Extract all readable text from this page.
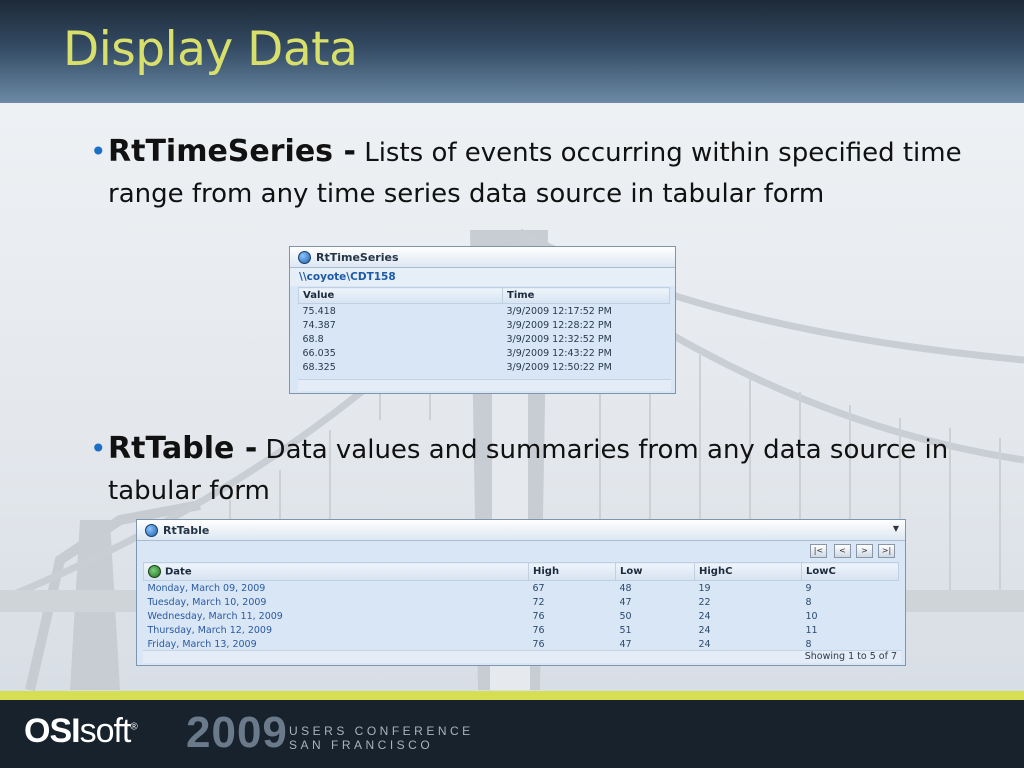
Display Data
• RtTimeSeries - Lists of events occurring within specified time range from any time series data source in tabular form
RtTimeSeries
\\coyote\CDT158
Value	Time
75.418	3/9/2009 12:17:52 PM
74.387	3/9/2009 12:28:22 PM
68.8	3/9/2009 12:32:52 PM
66.035	3/9/2009 12:43:22 PM
68.325	3/9/2009 12:50:22 PM
• RtTable - Data values and summaries from any data source in tabular form
RtTable	▼
|<	<	>	>|
Date	High	Low	HighC	LowC
Monday, March 09, 2009	67	48	19	9
Tuesday, March 10, 2009	72	47	22	8
Wednesday, March 11, 2009	76	50	24	10
Thursday, March 12, 2009	76	51	24	11
Friday, March 13, 2009	76	47	24	8
Showing 1 to 5 of 7
OSIsoft® 2009 USERS CONFERENCE
SAN FRANCISCO
